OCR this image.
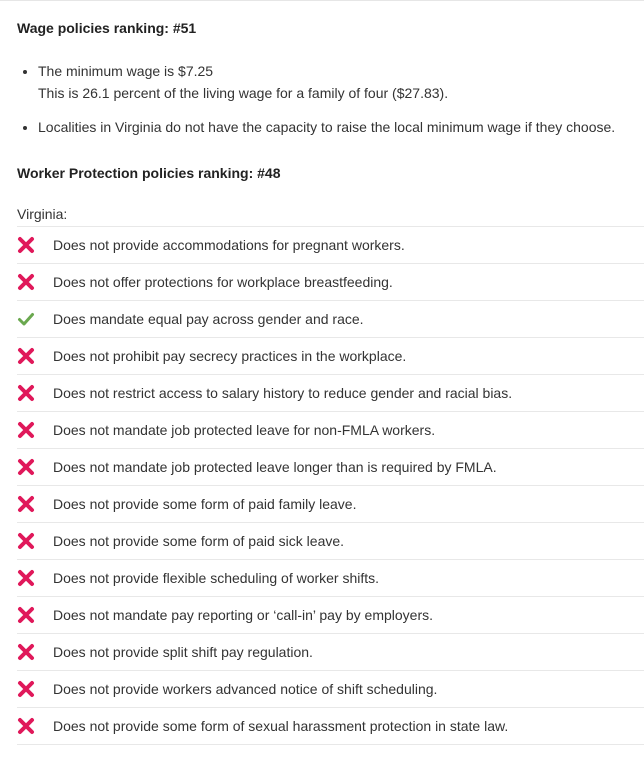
Wage policies ranking: #51
• The minimum wage is $7.25
This is 26.1 percent of the living wage for a family of four ($27.83).
• Localities in Virginia do not have the capacity to raise the local minimum wage if they choose.
Worker Protection policies ranking: #48
Virginia:
Does not provide accommodations for pregnant workers.
Does not offer protections for workplace breastfeeding.
Does mandate equal pay across gender and race.
Does not prohibit pay secrecy practices in the workplace.
Does not restrict access to salary history to reduce gender and racial bias.
Does not mandate job protected leave for non-FMLA workers.
Does not mandate job protected leave longer than is required by FMLA.
Does not provide some form of paid family leave.
Does not provide some form of paid sick leave.
Does not provide flexible scheduling of worker shifts.
Does not mandate pay reporting or ‘call-in’ pay by employers.
Does not provide split shift pay regulation.
Does not provide workers advanced notice of shift scheduling.
Does not provide some form of sexual harassment protection in state law.
